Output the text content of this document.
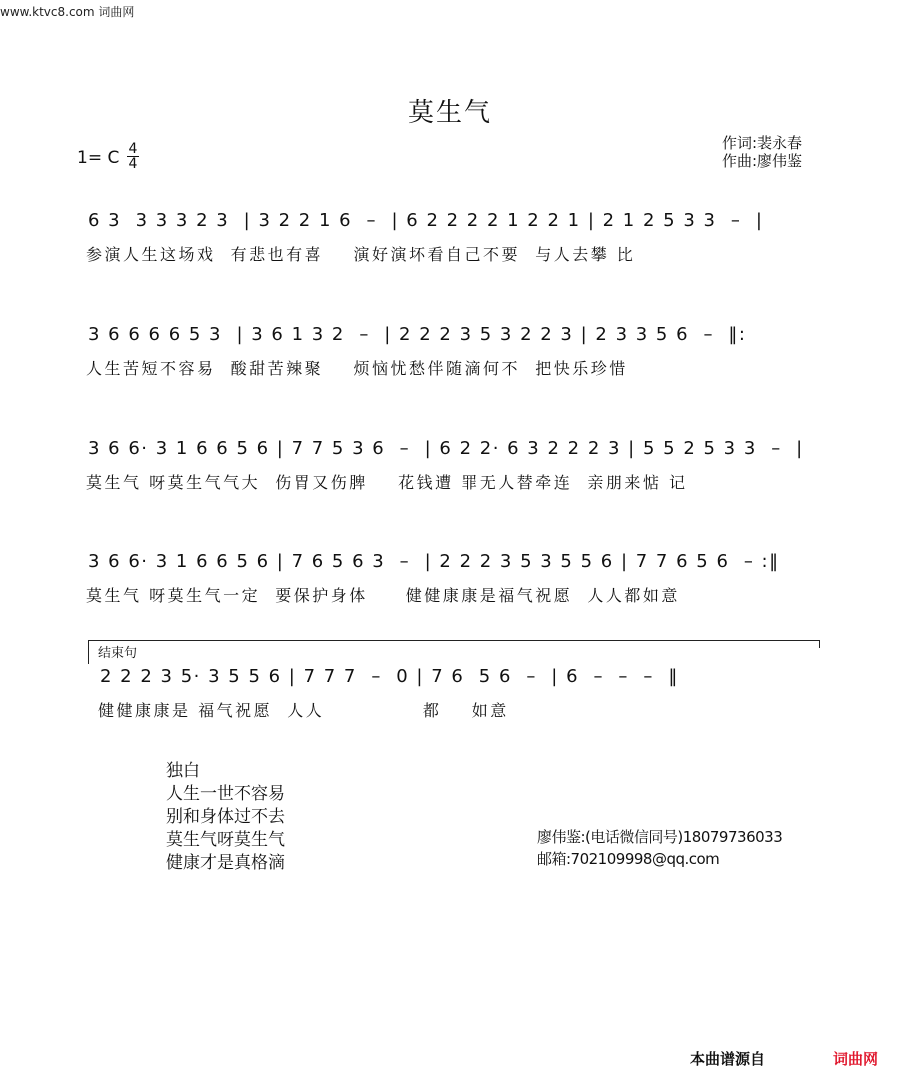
www.ktvc8.com 词曲网
莫生气
作词:裴永春
作曲:廖伟鉴
1= C 4
4
6 3  3 3 3 2 3  | 3 2 2 1 6  –  | 6 2 2 2 2 1 2 2 1 | 2 1 2 5 3 3  –  |
参演人生这场戏  有悲也有喜    演好演坏看自己不要  与人去攀 比
3 6 6 6 6 5 3  | 3 6 1 3 2  –  | 2 2 2 3 5 3 2 2 3 | 2 3 3 5 6  –  ‖:
人生苦短不容易  酸甜苦辣聚    烦恼忧愁伴随滴何不  把快乐珍惜
3 6 6· 3 1 6 6 5 6 | 7 7 5 3 6  –  | 6 2 2· 6 3 2 2 2 3 | 5 5 2 5 3 3  –  |
莫生气 呀莫生气气大  伤胃又伤脾    花钱遭 罪无人替牵连  亲朋来惦 记
3 6 6· 3 1 6 6 5 6 | 7 6 5 6 3  –  | 2 2 2 3 5 3 5 5 6 | 7 7 6 5 6  – :‖
莫生气 呀莫生气一定  要保护身体     健健康康是福气祝愿  人人都如意
结束句
2 2 2 3 5· 3 5 5 6 | 7 7 7  –  0 | 7 6  5 6  –  | 6  –  –  –  ‖
健健康康是 福气祝愿  人人             都    如意
独白
人生一世不容易
别和身体过不去
莫生气呀莫生气
健康才是真格滴
廖伟鉴:(电话微信同号)18079736033
邮箱:702109998@qq.com
本曲谱源自	词曲网
